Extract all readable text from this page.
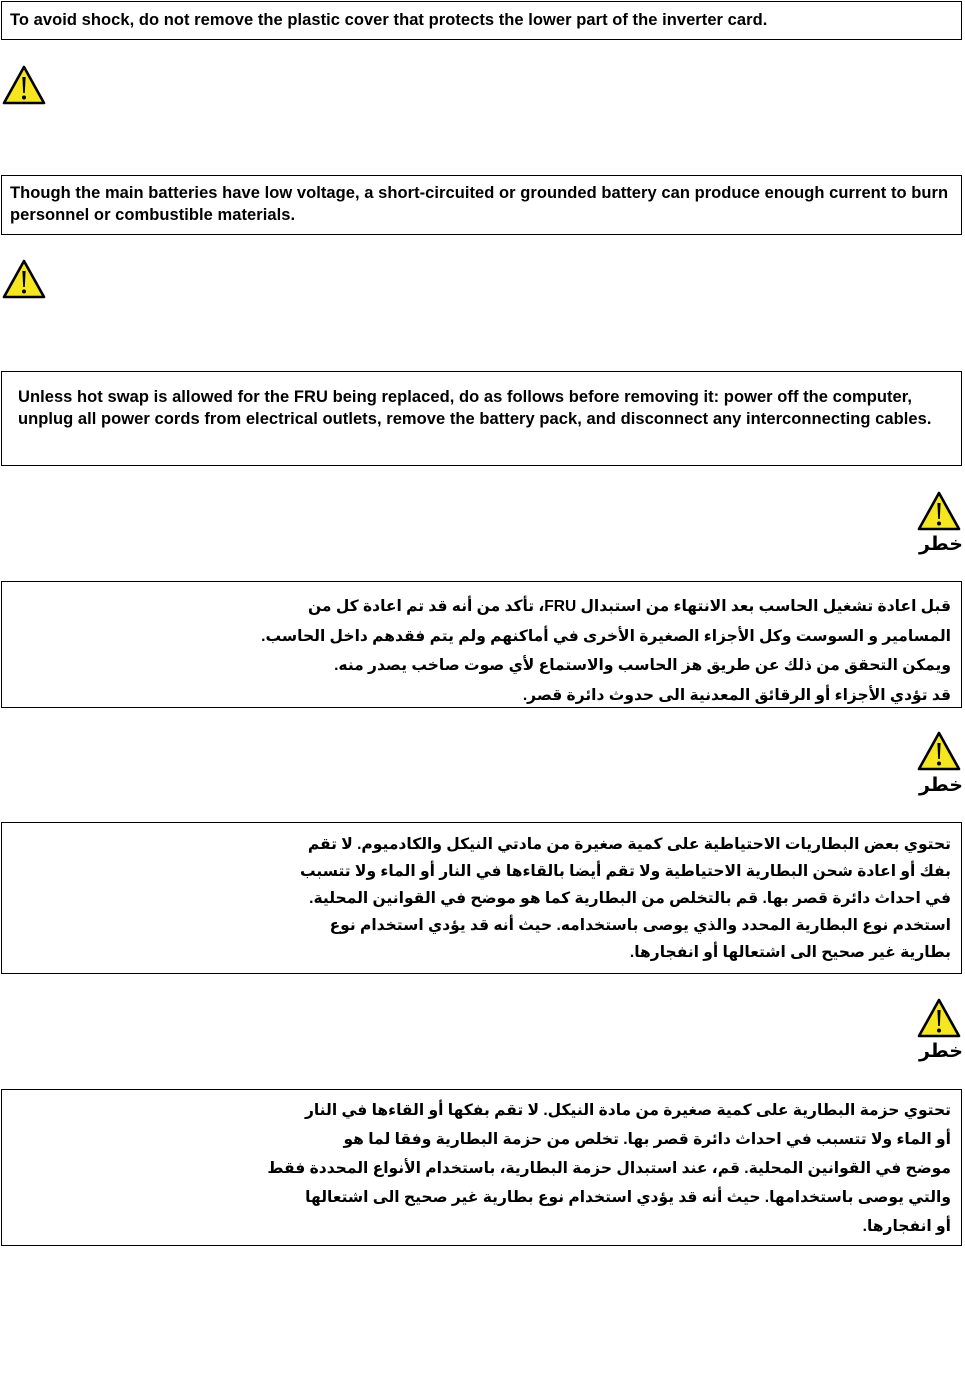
To avoid shock, do not remove the plastic cover that protects the lower part of the inverter card.
Though the main batteries have low voltage, a short-circuited or grounded battery can produce enough current to burn personnel or combustible materials.
Unless hot swap is allowed for the FRU being replaced, do as follows before removing it: power off the computer, unplug all power cords from electrical outlets, remove the battery pack, and disconnect any interconnecting cables.
خطر

قبل اعادة تشغيل الحاسب بعد الانتهاء من استبدال FRU، تأكد من أنه قد تم اعادة كل من

المسامير و السوست وكل الأجزاء الصغيرة الأخرى في أماكنهم ولم يتم فقدهم داخل الحاسب.

ويمكن التحقق من ذلك عن طريق هز الحاسب والاستماع لأي صوت صاخب يصدر منه.

قد تؤدي الأجزاء أو الرقائق المعدنية الى حدوث دائرة قصر.

خطر

تحتوي بعض البطاريات الاحتياطية على كمية صغيرة من مادتي النيكل والكادميوم. لا تقم

بفك أو اعادة شحن البطارية الاحتياطية ولا تقم أيضا بالقاءها في النار أو الماء ولا تتسبب

في احداث دائرة قصر بها. قم بالتخلص من البطارية كما هو موضح في القوانين المحلية.

استخدم نوع البطارية المحدد والذي يوصى باستخدامه. حيث أنه قد يؤدي استخدام نوع

بطارية غير صحيح الى اشتعالها أو انفجارها.

خطر

تحتوي حزمة البطارية على كمية صغيرة من مادة النيكل. لا تقم بفكها أو القاءها في النار

أو الماء ولا تتسبب في احداث دائرة قصر بها. تخلص من حزمة البطارية وفقا لما هو

موضح في القوانين المحلية. قم، عند استبدال حزمة البطارية، باستخدام الأنواع المحددة فقط

والتي يوصى باستخدامها. حيث أنه قد يؤدي استخدام نوع بطارية غير صحيح الى اشتعالها

أو انفجارها.
